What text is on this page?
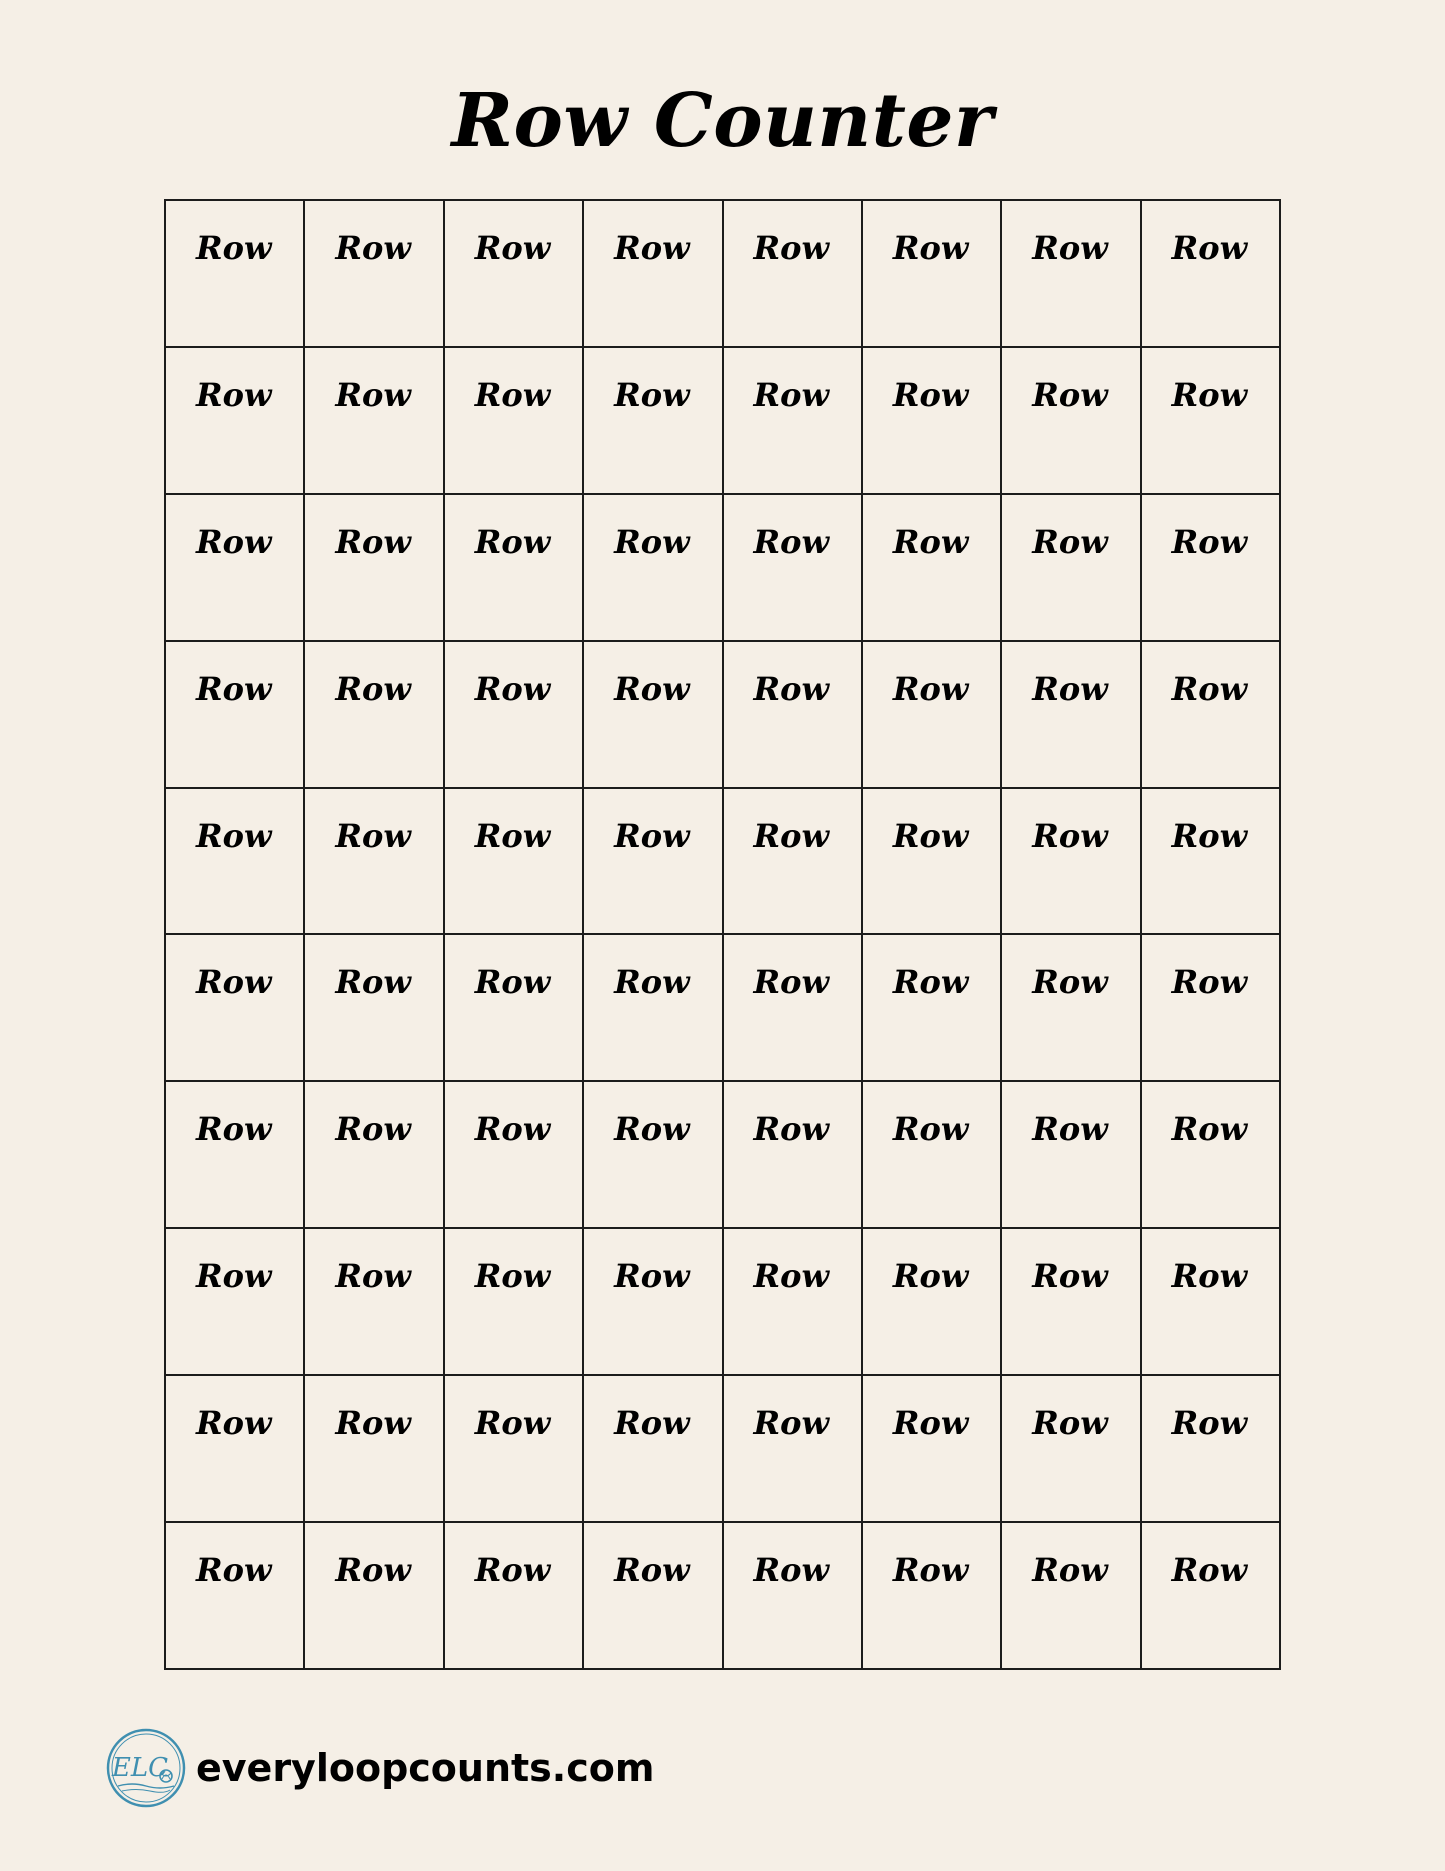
Row Counter
Row	Row	Row	Row	Row	Row	Row	Row

Row	Row	Row	Row	Row	Row	Row	Row

Row	Row	Row	Row	Row	Row	Row	Row

Row	Row	Row	Row	Row	Row	Row	Row

Row	Row	Row	Row	Row	Row	Row	Row

Row	Row	Row	Row	Row	Row	Row	Row

Row	Row	Row	Row	Row	Row	Row	Row

Row	Row	Row	Row	Row	Row	Row	Row

Row	Row	Row	Row	Row	Row	Row	Row

Row	Row	Row	Row	Row	Row	Row	Row
ELC everyloopcounts.com
